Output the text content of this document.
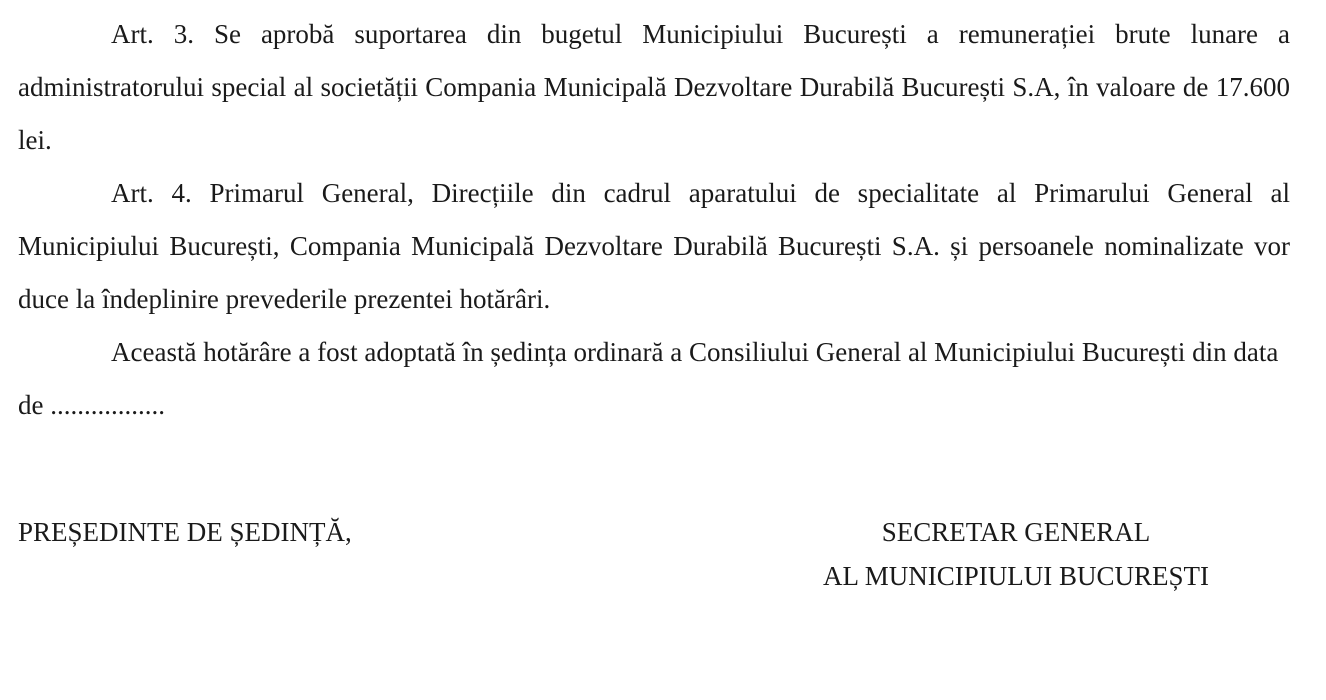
Art. 3. Se aprobă suportarea din bugetul Municipiului București a remunerației brute lunare a administratorului special al societății Compania Municipală Dezvoltare Durabilă București S.A, în valoare de 17.600 lei.

Art. 4. Primarul General, Direcțiile din cadrul aparatului de specialitate al Primarului General al Municipiului București, Compania Municipală Dezvoltare Durabilă București S.A. și persoanele nominalizate vor duce la îndeplinire prevederile prezentei hotărâri.

Această hotărâre a fost adoptată în ședința ordinară a Consiliului General al Municipiului București din data de .................

PREȘEDINTE DE ȘEDINȚĂ,	SECRETAR GENERAL
AL MUNICIPIULUI BUCUREȘTI
